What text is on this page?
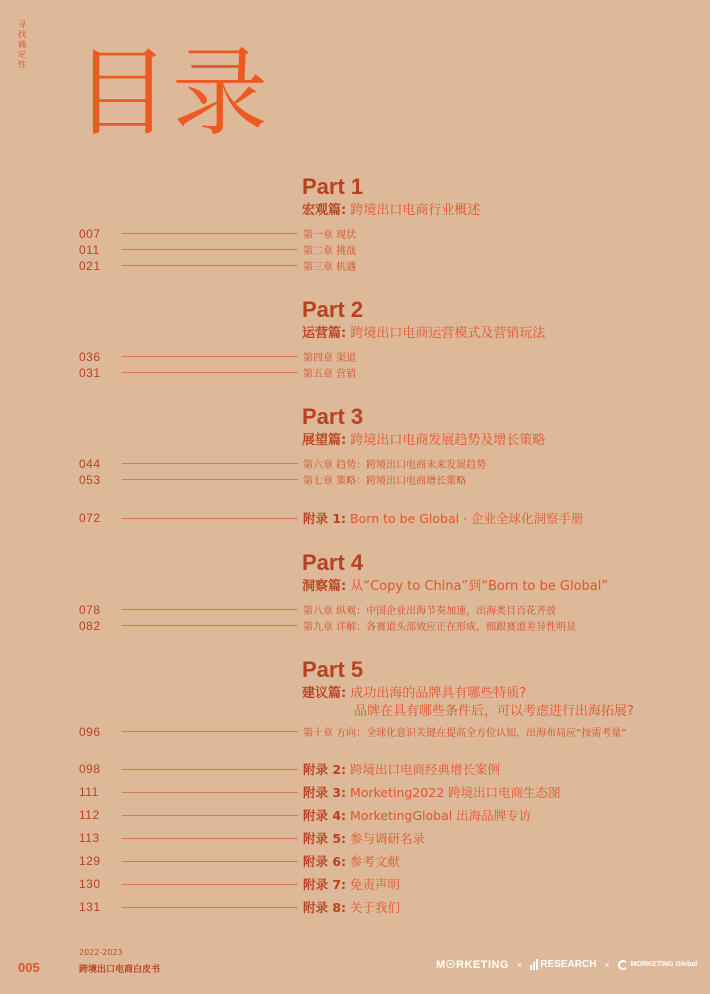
寻找确定性 目录
Part 1
宏观篇: 跨境出口电商行业概述
007	第一章 现状
011	第二章 挑战
021	第三章 机遇
Part 2
运营篇: 跨境出口电商运营模式及营销玩法
036	第四章 渠道
031	第五章 营销
Part 3
展望篇: 跨境出口电商发展趋势及增长策略
044	第六章 趋势：跨境出口电商未来发展趋势
053	第七章 策略：跨境出口电商增长策略
072	附录 1: Born to be Global · 企业全球化洞察手册
Part 4
洞察篇: 从“Copy to China”到“Born to be Global”
078	第八章 纵观：中国企业出海节奏加速，出海类目百花齐放
082	第九章 详解：各赛道头部效应正在形成，细跟赛道差异性明显
Part 5
建议篇: 成功出海的品牌具有哪些特质?
品牌在具有哪些条件后，可以考虑进行出海拓展?
096	第十章 方向：全球化意识关键在提高全方位认知，出海布局应“按需考量”
098	附录 2: 跨境出口电商经典增长案例
111	附录 3: Morketing2022 跨境出口电商生态图
112	附录 4: MorketingGlobal 出海品牌专访
113	附录 5: 参与调研名录
129	附录 6: 参考文献
130	附录 7: 免责声明
131	附录 8: 关于我们
005
2022-2023
跨境出口电商白皮书	M☉RKETING × RESEARCH ×	MORKETING Global
